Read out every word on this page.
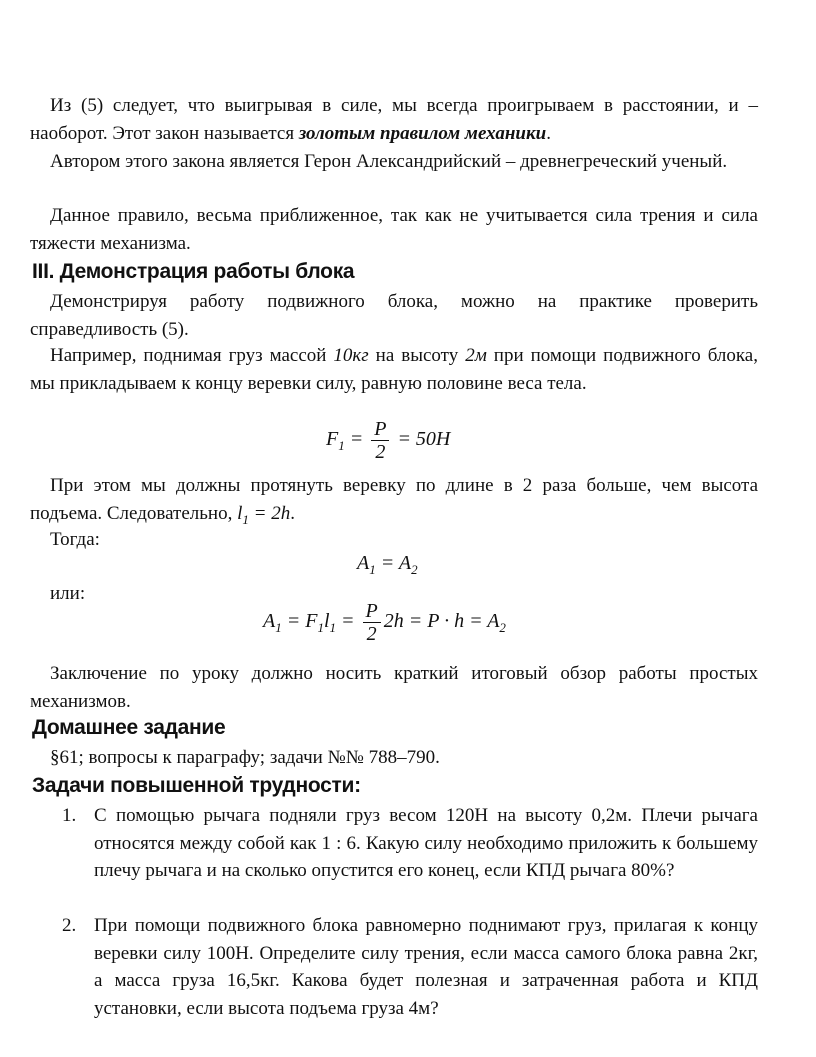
Из (5) следует, что выигрывая в силе, мы всегда проигрываем в расстоянии, и – наоборот. Этот закон называется золотым правилом механики.
Автором этого закона является Герон Александрийский – древнегреческий ученый.
Данное правило, весьма приближенное, так как не учитывается сила трения и сила тяжести механизма.
III. Демонстрация работы блока
Демонстрируя работу подвижного блока, можно на практике проверить справедливость (5).
Например, поднимая груз массой 10кг на высоту 2м при помощи подвижного блока, мы прикладываем к концу веревки силу, равную половине веса тела.
$F_1 = \frac{P}{2} = 50H$
При этом мы должны протянуть веревку по длине в 2 раза больше, чем высота подъема. Следовательно, $l_1 = 2h$.
Тогда:
$A_1 = A_2$
или:
$A_1 = F_1l_1 = \frac{P}{2} 2h = P \cdot h = A_2$
Заключение по уроку должно носить краткий итоговый обзор работы простых механизмов.
Домашнее задание
§61; вопросы к параграфу; задачи №№ 788–790.
Задачи повышенной трудности:
1. С помощью рычага подняли груз весом 120Н на высоту 0,2м. Плечи рычага относятся между собой как 1 : 6. Какую силу необходимо приложить к большему плечу рычага и на сколько опустится его конец, если КПД рычага 80%?
2. При помощи подвижного блока равномерно поднимают груз, прилагая к концу веревки силу 100Н. Определите силу трения, если масса самого блока равна 2кг, а масса груза 16,5кг. Какова будет полезная и затраченная работа и КПД установки, если высота подъема груза 4м?
